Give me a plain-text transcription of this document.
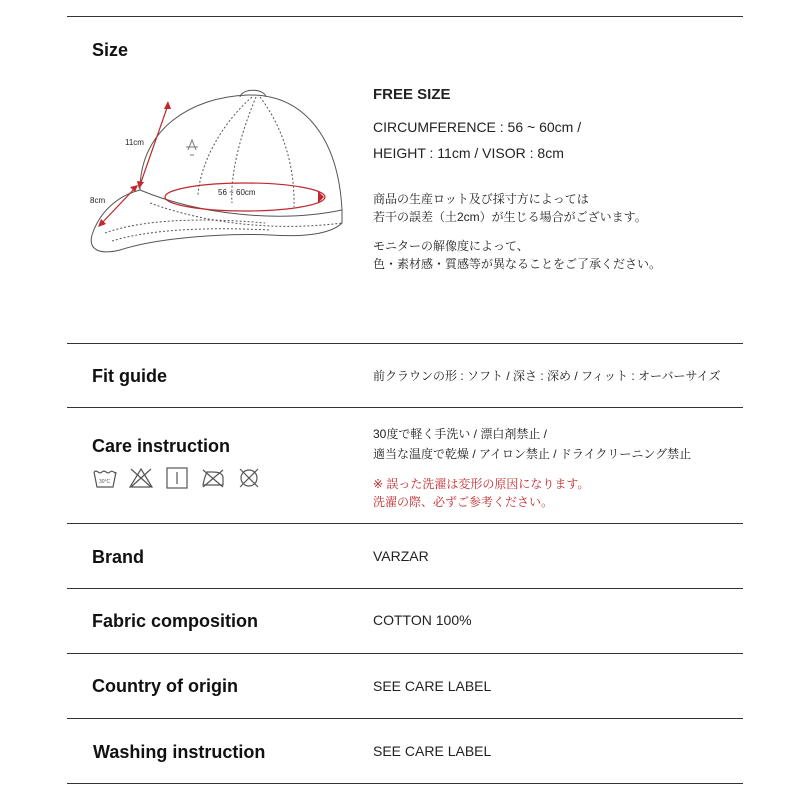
Size
11cm
8cm
56 ~ 60cm
FREE SIZE
CIRCUMFERENCE : 56 ~ 60cm /
HEIGHT : 11cm / VISOR : 8cm
商品の生産ロット及び採寸方によっては
若干の誤差（土2cm）が生じる場合がございます。
モニターの解像度によって、
色・素材感・質感等が異なることをご了承ください。
Fit guide	前クラウンの形 : ソフト / 深さ : 深め / フィット : オーバーサイズ
Care instruction
30°C
30度で軽く手洗い / 漂白剤禁止 /
適当な温度で乾燥 / アイロン禁止 / ドライクリーニング禁止
※ 誤った洗濯は変形の原因になります。
洗濯の際、必ずご参考ください。
Brand	VARZAR
Fabric composition	COTTON 100%
Country of origin	SEE CARE LABEL
Washing instruction	SEE CARE LABEL
